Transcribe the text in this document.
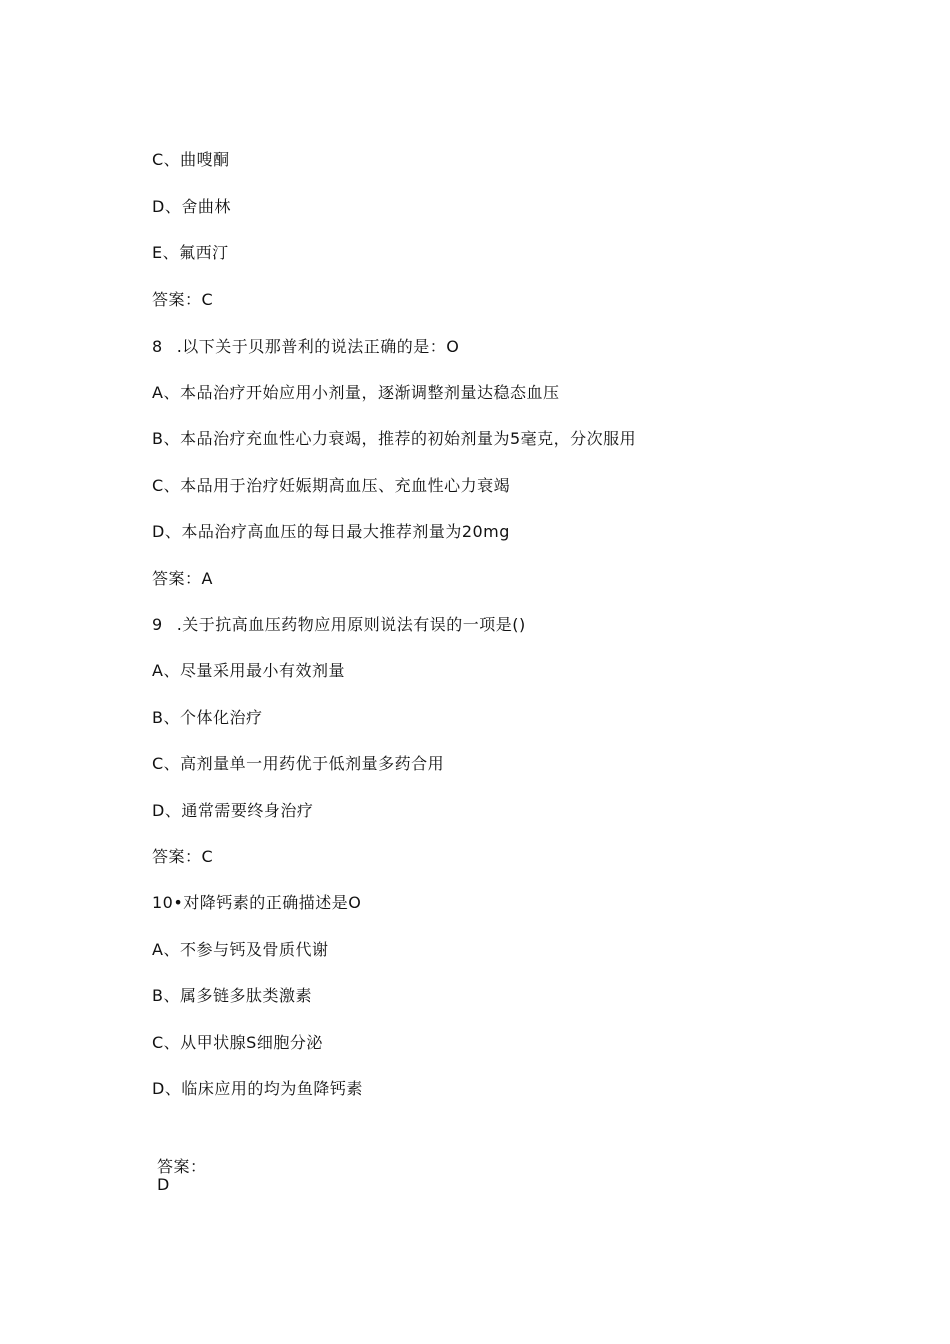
C、曲嗖酮
D、舍曲林
E、氟西汀
答案：C
8 .以下关于贝那普利的说法正确的是：O
A、本品治疗开始应用小剂量，逐渐调整剂量达稳态血压
B、本品治疗充血性心力衰竭，推荐的初始剂量为5毫克，分次服用
C、本品用于治疗妊娠期高血压、充血性心力衰竭
D、本品治疗高血压的每日最大推荐剂量为20mg
答案：A
9 .关于抗高血压药物应用原则说法有误的一项是()
A、尽量采用最小有效剂量
B、个体化治疗
C、高剂量单一用药优于低剂量多药合用
D、通常需要终身治疗
答案：C
10•对降钙素的正确描述是O
A、不参与钙及骨质代谢
B、属多链多肽类激素
C、从甲状腺S细胞分泌
D、临床应用的均为鱼降钙素
答案：
D
